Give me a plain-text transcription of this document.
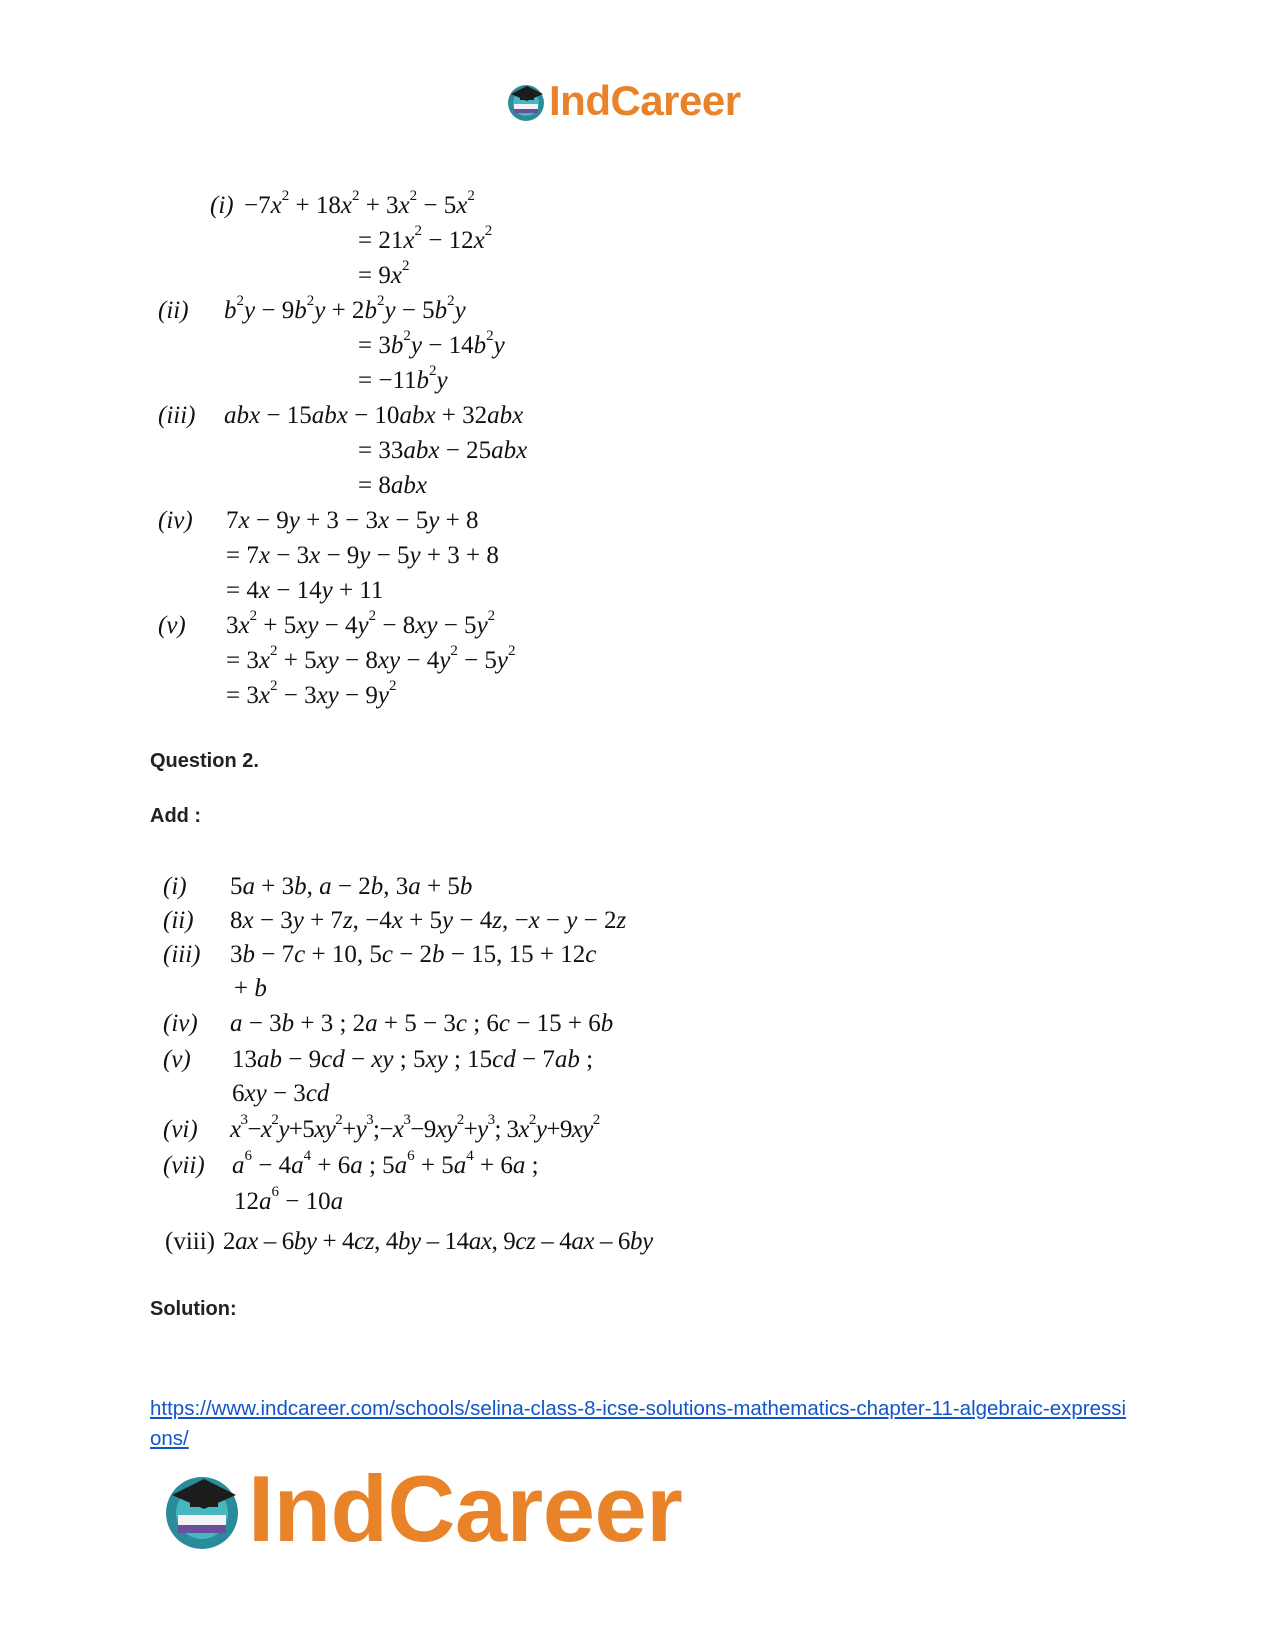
IndCareer
$(i) -7x^2 + 18x^2 + 3x^2 - 5x^2$
= $21x^2 - 12x^2$
= $9x^2$
(ii) $b^2y - 9b^2y + 2b^2y - 5b^2y$
= $3b^2y - 14b^2y$
= $-11b^2y$
(iii) abx − 15abx − 10abx + 32abx
= 33abx − 25abx
= 8abx
(iv) 7x − 9y + 3 − 3x − 5y + 8
= 7x − 3x − 9y − 5y + 3 + 8
= 4x − 14y + 11
(v) $3x^2 + 5xy - 4y^2 - 8xy - 5y^2$
= $3x^2 + 5xy - 8xy - 4y^2 - 5y^2$
= $3x^2 - 3xy - 9y^2$
Question 2.
Add :
(i) 5a + 3b, a − 2b, 3a + 5b
(ii) 8x − 3y + 7z, −4x + 5y − 4z, −x − y − 2z
(iii) 3b − 7c + 10, 5c − 2b − 15, 15 + 12c
+ b
(iv) a − 3b + 3 ; 2a + 5 − 3c ; 6c − 15 + 6b
(v) 13ab − 9cd − xy ; 5xy ; 15cd − 7ab ;
6xy − 3cd
(vi) $x^3-x^2y+5xy^2+y^3;-x^3-9xy^2+y^3$; $3x^2y+9xy^2$
(vii) $a^6 - 4a^4 + 6a$ ; $5a^6 + 5a^4 + 6a$ ;
$12a^6 - 10a$
(viii) 2ax – 6by + 4cz, 4by – 14ax, 9cz – 4ax – 6by
Solution:
https://www.indcareer.com/schools/selina-class-8-icse-solutions-mathematics-chapter-11-algebraic-expressions/
IndCareer
